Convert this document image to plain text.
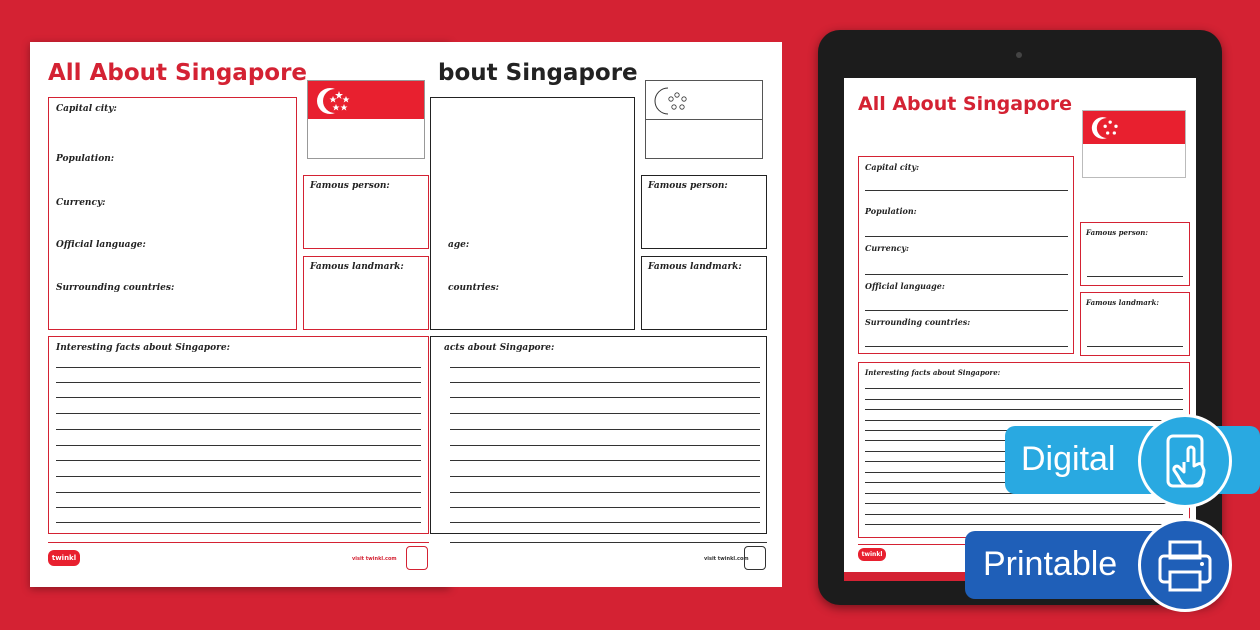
All About Singapore
Capital city:
Population:
Currency:
Official language:
Surrounding countries:
Famous person:
Famous landmark:
Interesting facts about Singapore:
twinkl	visit twinkl.com
bout Singapore
age:
countries:
Famous person:
Famous landmark:
acts about Singapore:
visit twinkl.com
All About Singapore
Capital city:
Population:
Currency:
Official language:
Surrounding countries:
Famous person:
Famous landmark:
Interesting facts about Singapore:
twinkl
Digital
Printable
